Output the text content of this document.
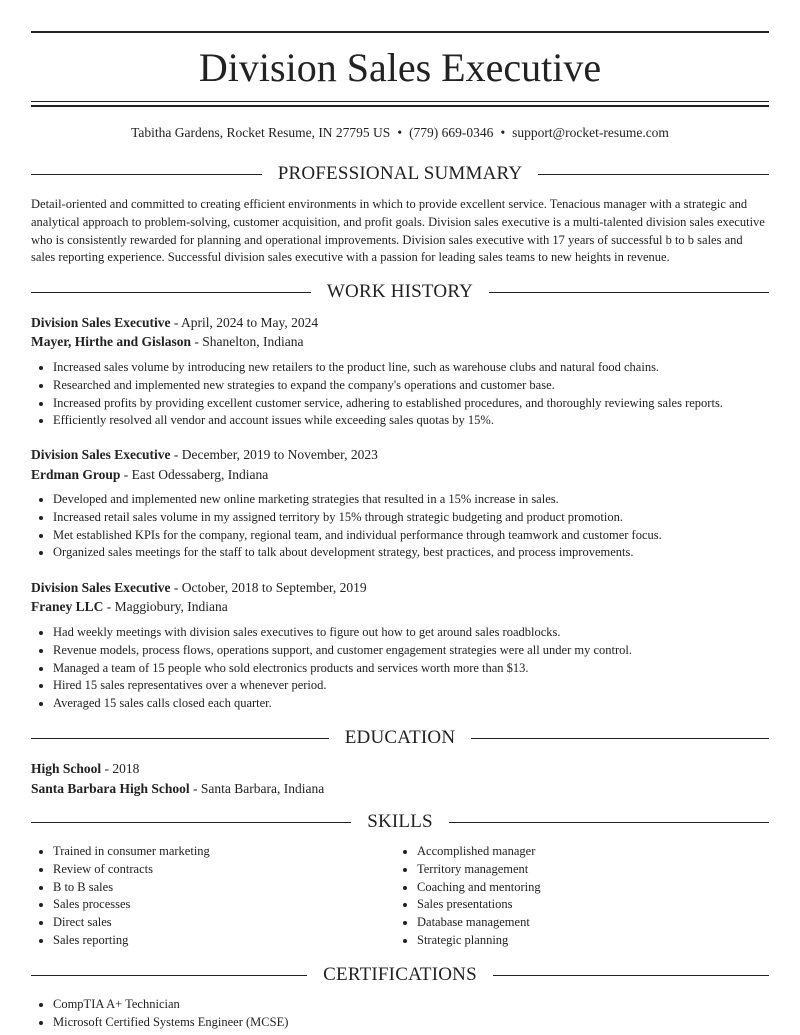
Division Sales Executive
Tabitha Gardens, Rocket Resume, IN 27795 US • (779) 669-0346 • support@rocket-resume.com
PROFESSIONAL SUMMARY

Detail-oriented and committed to creating efficient environments in which to provide excellent service. Tenacious manager with a strategic and analytical approach to problem-solving, customer acquisition, and profit goals. Division sales executive is a multi-talented division sales executive who is consistently rewarded for planning and operational improvements. Division sales executive with 17 years of successful b to b sales and sales reporting experience. Successful division sales executive with a passion for leading sales teams to new heights in revenue.

WORK HISTORY
Division Sales Executive - April, 2024 to May, 2024
Mayer, Hirthe and Gislason - Shanelton, Indiana
• Increased sales volume by introducing new retailers to the product line, such as warehouse clubs and natural food chains.
• Researched and implemented new strategies to expand the company's operations and customer base.
• Increased profits by providing excellent customer service, adhering to established procedures, and thoroughly reviewing sales reports.
• Efficiently resolved all vendor and account issues while exceeding sales quotas by 15%.
Division Sales Executive - December, 2019 to November, 2023
Erdman Group - East Odessaberg, Indiana
• Developed and implemented new online marketing strategies that resulted in a 15% increase in sales.
• Increased retail sales volume in my assigned territory by 15% through strategic budgeting and product promotion.
• Met established KPIs for the company, regional team, and individual performance through teamwork and customer focus.
• Organized sales meetings for the staff to talk about development strategy, best practices, and process improvements.
Division Sales Executive - October, 2018 to September, 2019
Franey LLC - Maggiobury, Indiana
• Had weekly meetings with division sales executives to figure out how to get around sales roadblocks.
• Revenue models, process flows, operations support, and customer engagement strategies were all under my control.
• Managed a team of 15 people who sold electronics products and services worth more than $13.
• Hired 15 sales representatives over a whenever period.
• Averaged 15 sales calls closed each quarter.
EDUCATION
High School - 2018
Santa Barbara High School - Santa Barbara, Indiana
SKILLS
• Trained in consumer marketing
• Review of contracts
• B to B sales
• Sales processes
• Direct sales
• Sales reporting
• Accomplished manager
• Territory management
• Coaching and mentoring
• Sales presentations
• Database management
• Strategic planning
CERTIFICATIONS
• CompTIA A+ Technician
• Microsoft Certified Systems Engineer (MCSE)
